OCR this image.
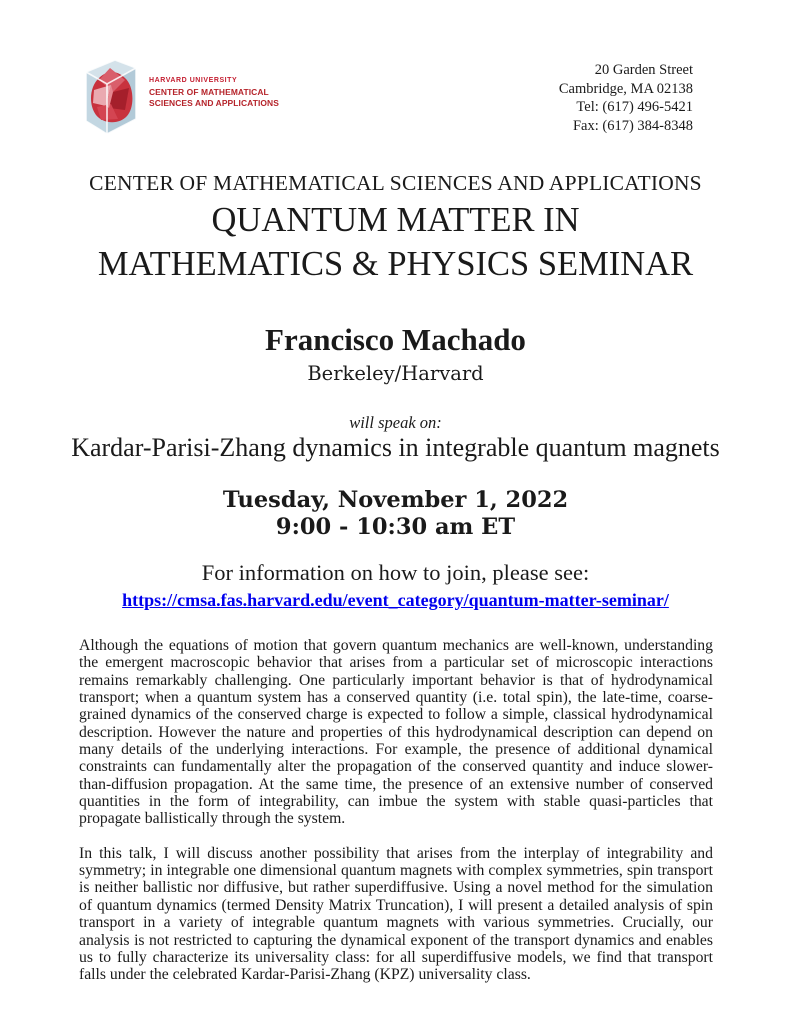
HARVARD UNIVERSITY
CENTER OF MATHEMATICAL
SCIENCES AND APPLICATIONS
20 Garden Street
Cambridge, MA 02138
Tel: (617) 496-5421
Fax: (617) 384-8348
CENTER OF MATHEMATICAL SCIENCES AND APPLICATIONS
QUANTUM MATTER IN
MATHEMATICS & PHYSICS SEMINAR
Francisco Machado
Berkeley/Harvard
will speak on:
Kardar-Parisi-Zhang dynamics in integrable quantum magnets
Tuesday, November 1, 2022
9:00 - 10:30 am ET
For information on how to join, please see:
https://cmsa.fas.harvard.edu/event_category/quantum-matter-seminar/

Although the equations of motion that govern quantum mechanics are well-known, understanding the emergent macroscopic behavior that arises from a particular set of microscopic interactions remains remarkably challenging. One particularly important behavior is that of hydrodynamical transport; when a quantum system has a conserved quantity (i.e. total spin), the late-time, coarse-grained dynamics of the conserved charge is expected to follow a simple, classical hydrodynamical description. However the nature and properties of this hydrodynamical description can depend on many details of the underlying interactions. For example, the presence of additional dynamical constraints can fundamentally alter the propagation of the conserved quantity and induce slower-than-diffusion propagation. At the same time, the presence of an extensive number of conserved quantities in the form of integrability, can imbue the system with stable quasi-particles that propagate ballistically through the system.

In this talk, I will discuss another possibility that arises from the interplay of integrability and symmetry; in integrable one dimensional quantum magnets with complex symmetries, spin transport is neither ballistic nor diffusive, but rather superdiffusive. Using a novel method for the simulation of quantum dynamics (termed Density Matrix Truncation), I will present a detailed analysis of spin transport in a variety of integrable quantum magnets with various symmetries. Crucially, our analysis is not restricted to capturing the dynamical exponent of the transport dynamics and enables us to fully characterize its universality class: for all superdiffusive models, we find that transport falls under the celebrated Kardar-Parisi-Zhang (KPZ) universality class.
